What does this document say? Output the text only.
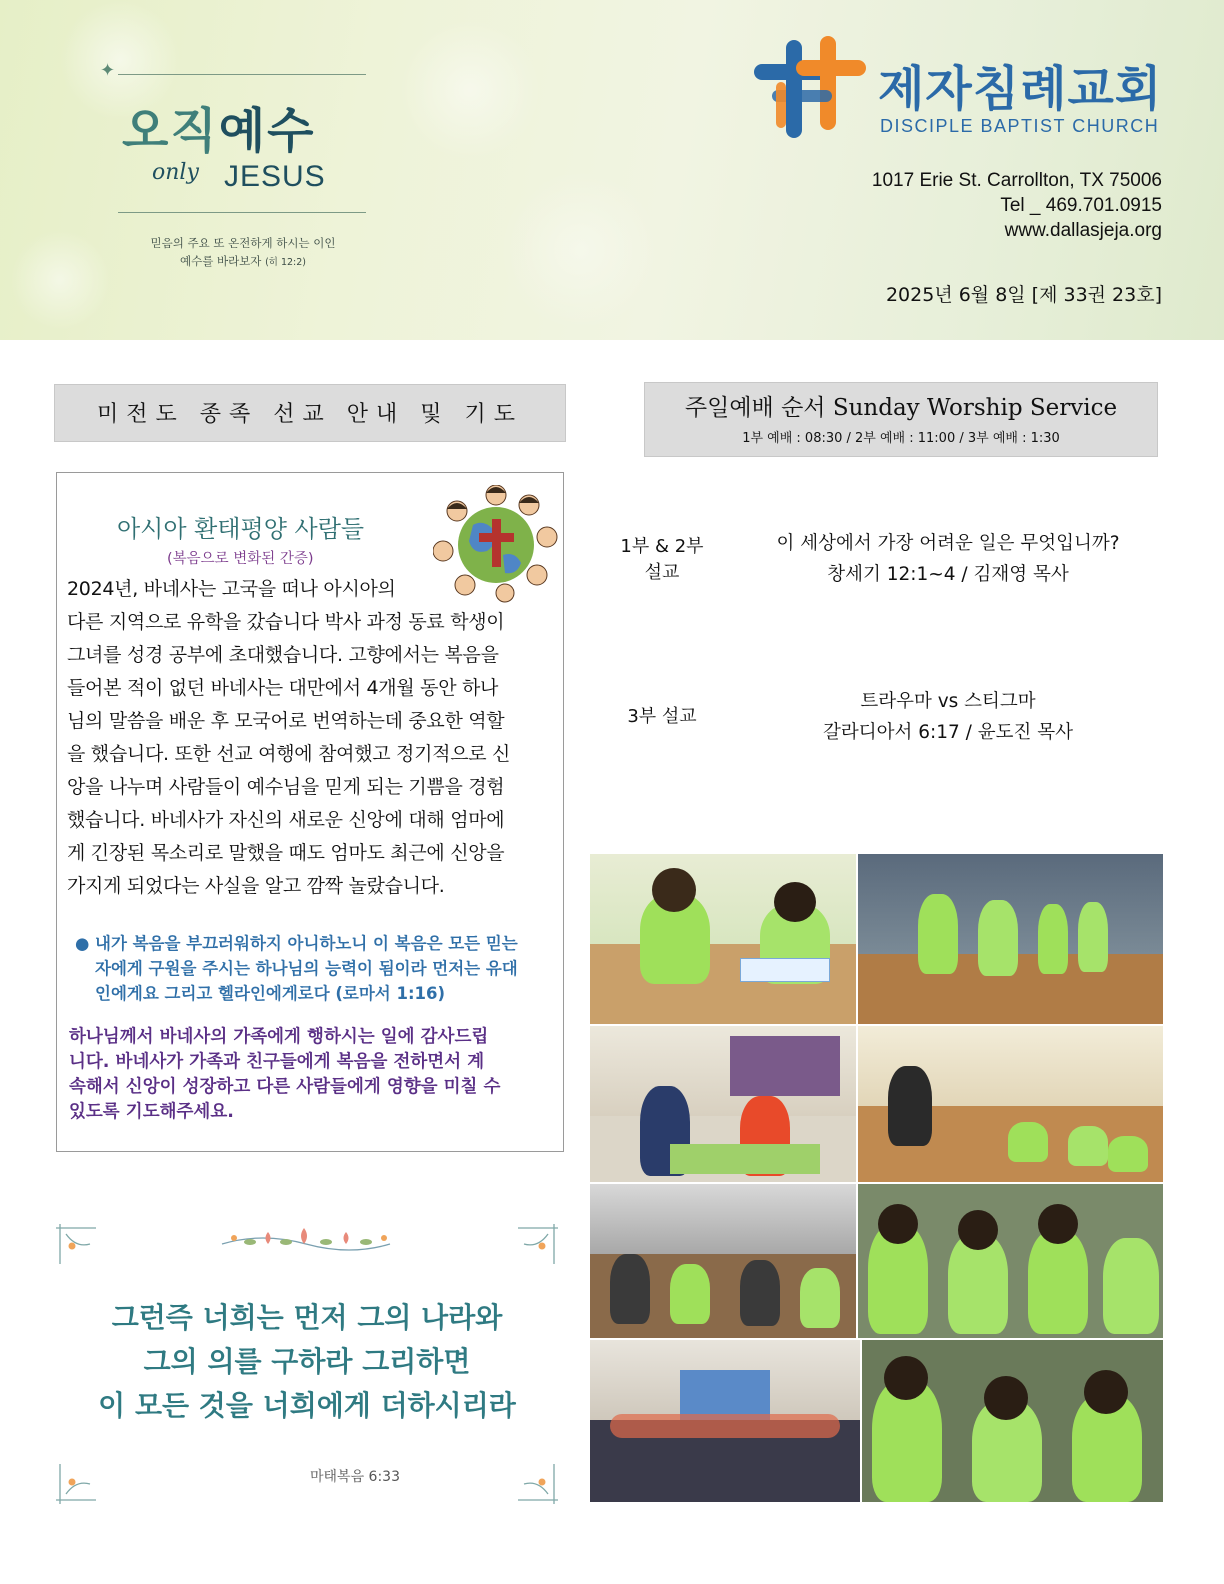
✦
오직예수
only JESUS
믿음의 주요 또 온전하게 하시는 이인
예수를 바라보자 (히 12:2)
제자침례교회
DISCIPLE BAPTIST CHURCH
1017 Erie St. Carrollton, TX 75006
Tel _ 469.701.0915
www.dallasjeja.org
2025년 6월 8일 [제 33권 23호]
미전도 종족 선교 안내 및 기도
아시아 환태평양 사람들
(복음으로 변화된 간증)
2024년, 바네사는 고국을 떠나 아시아의
다른 지역으로 유학을 갔습니다 박사 과정 동료 학생이
그녀를 성경 공부에 초대했습니다. 고향에서는 복음을
들어본 적이 없던 바네사는 대만에서 4개월 동안 하나
님의 말씀을 배운 후 모국어로 번역하는데 중요한 역할
을 했습니다. 또한 선교 여행에 참여했고 정기적으로 신
앙을 나누며 사람들이 예수님을 믿게 되는 기쁨을 경험
했습니다. 바네사가 자신의 새로운 신앙에 대해 엄마에
게 긴장된 목소리로 말했을 때도 엄마도 최근에 신앙을
가지게 되었다는 사실을 알고 깜짝 놀랐습니다.
● 내가 복음을 부끄러워하지 아니하노니 이 복음은 모든 믿는
자에게 구원을 주시는 하나님의 능력이 됨이라 먼저는 유대
인에게요 그리고 헬라인에게로다 (로마서 1:16)
하나님께서 바네사의 가족에게 행하시는 일에 감사드립
니다. 바네사가 가족과 친구들에게 복음을 전하면서 계
속해서 신앙이 성장하고 다른 사람들에게 영향을 미칠 수
있도록 기도해주세요.
그런즉 너희는 먼저 그의 나라와
그의 의를 구하라 그리하면
이 모든 것을 너희에게 더하시리라
마태복음 6:33
주일예배 순서 Sunday Worship Service
1부 예배 : 08:30 / 2부 예배 : 11:00 / 3부 예배 : 1:30
1부 & 2부
설교
이 세상에서 가장 어려운 일은 무엇입니까?
창세기 12:1~4 / 김재영 목사
3부 설교
트라우마 vs 스티그마
갈라디아서 6:17 / 윤도진 목사
